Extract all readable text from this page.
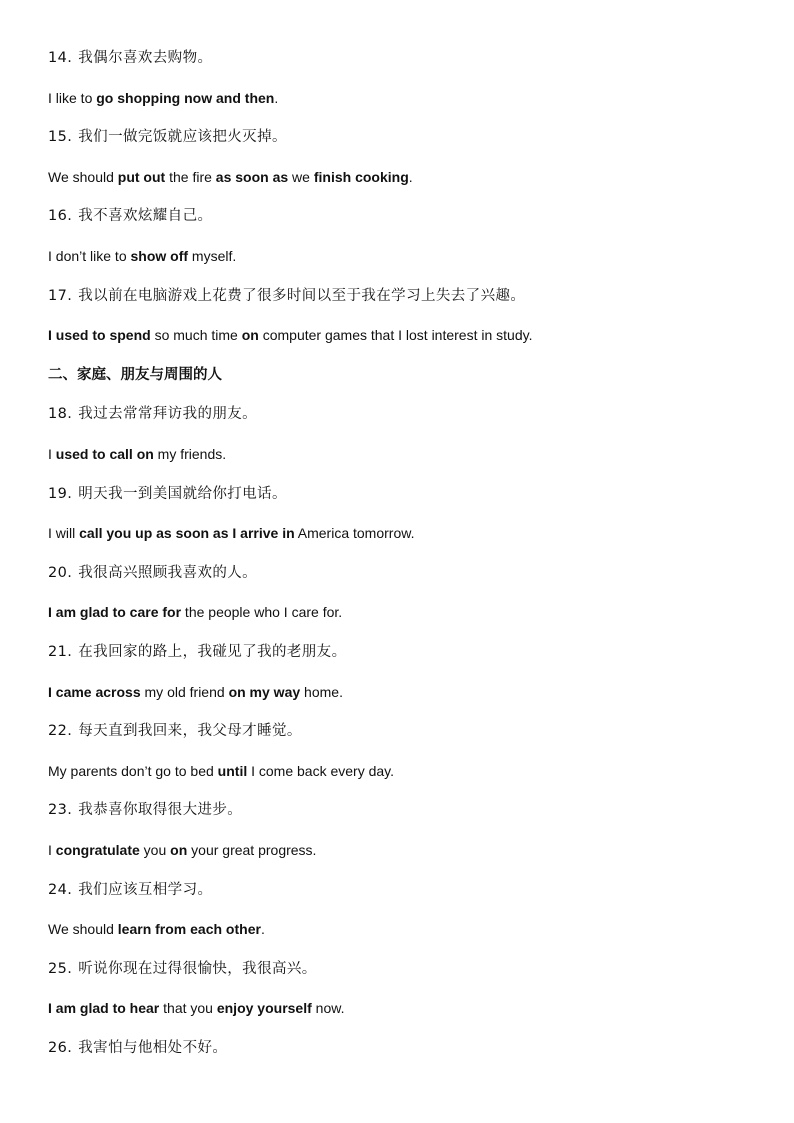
14. 我偶尔喜欢去购物。
I like to go shopping now and then.
15. 我们一做完饭就应该把火灭掉。
We should put out the fire as soon as we finish cooking.
16. 我不喜欢炫耀自己。
I don’t like to show off myself.
17. 我以前在电脑游戏上花费了很多时间以至于我在学习上失去了兴趣。
I used to spend so much time on computer games that I lost interest in study.
二、家庭、朋友与周围的人
18. 我过去常常拜访我的朋友。
I used to call on my friends.
19. 明天我一到美国就给你打电话。
I will call you up as soon as I arrive in America tomorrow.
20. 我很高兴照顾我喜欢的人。
I am glad to care for the people who I care for.
21. 在我回家的路上，我碰见了我的老朋友。
I came across my old friend on my way home.
22. 每天直到我回来，我父母才睡觉。
My parents don’t go to bed until I come back every day.
23. 我恭喜你取得很大进步。
I congratulate you on your great progress.
24. 我们应该互相学习。
We should learn from each other.
25. 听说你现在过得很愉快，我很高兴。
I am glad to hear that you enjoy yourself now.
26. 我害怕与他相处不好。
